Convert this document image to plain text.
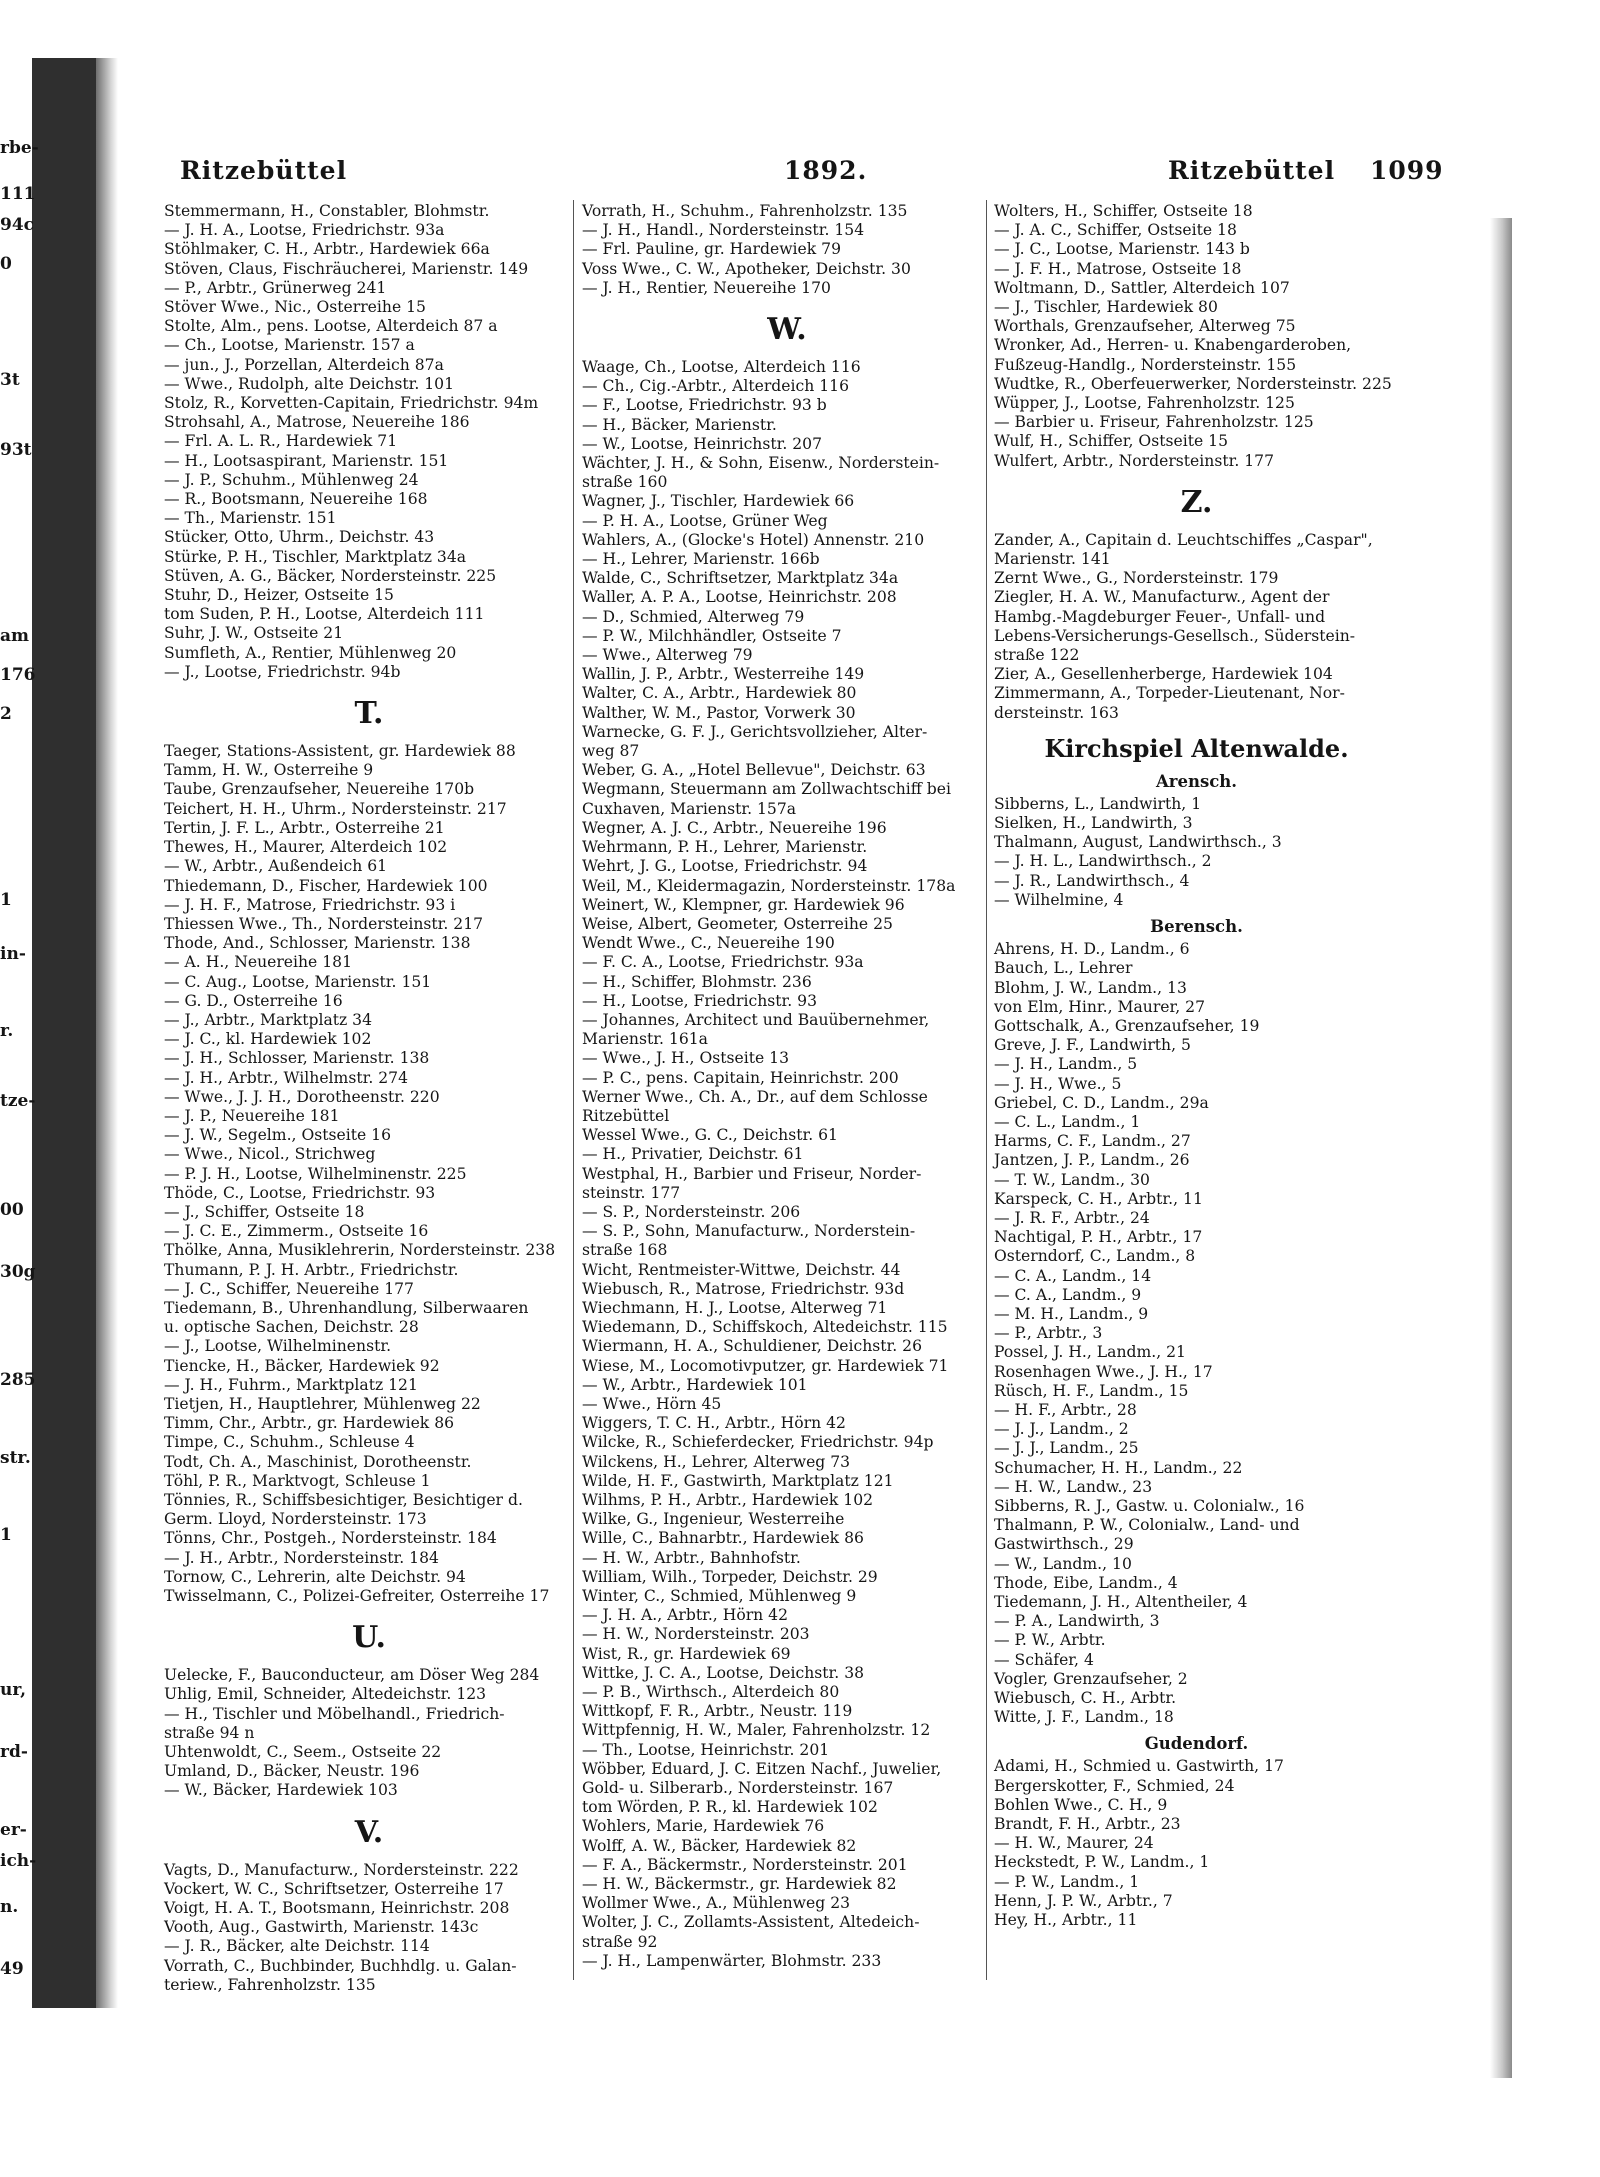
rbe-
111
94c
0
3t
93t
am
176
2
1
in-
r.
tze-
00
30g
285
str.
1
ur,
rd-
er-
ich-
n.
49
Ritzebüttel	1892.	Ritzebüttel 1099
Stemmermann, H., Constabler, Blohmstr.
— J. H. A., Lootse, Friedrichstr. 93a
Stöhlmaker, C. H., Arbtr., Hardewiek 66a
Stöven, Claus, Fischräucherei, Marienstr. 149
— P., Arbtr., Grünerweg 241
Stöver Wwe., Nic., Osterreihe 15
Stolte, Alm., pens. Lootse, Alterdeich 87 a
— Ch., Lootse, Marienstr. 157 a
— jun., J., Porzellan, Alterdeich 87a
— Wwe., Rudolph, alte Deichstr. 101
Stolz, R., Korvetten-Capitain, Friedrichstr. 94m
Strohsahl, A., Matrose, Neuereihe 186
— Frl. A. L. R., Hardewiek 71
— H., Lootsaspirant, Marienstr. 151
— J. P., Schuhm., Mühlenweg 24
— R., Bootsmann, Neuereihe 168
— Th., Marienstr. 151
Stücker, Otto, Uhrm., Deichstr. 43
Stürke, P. H., Tischler, Marktplatz 34a
Stüven, A. G., Bäcker, Nordersteinstr. 225
Stuhr, D., Heizer, Ostseite 15
tom Suden, P. H., Lootse, Alterdeich 111
Suhr, J. W., Ostseite 21
Sumfleth, A., Rentier, Mühlenweg 20
— J., Lootse, Friedrichstr. 94b
T.
Taeger, Stations-Assistent, gr. Hardewiek 88
Tamm, H. W., Osterreihe 9
Taube, Grenzaufseher, Neuereihe 170b
Teichert, H. H., Uhrm., Nordersteinstr. 217
Tertin, J. F. L., Arbtr., Osterreihe 21
Thewes, H., Maurer, Alterdeich 102
— W., Arbtr., Außendeich 61
Thiedemann, D., Fischer, Hardewiek 100
— J. H. F., Matrose, Friedrichstr. 93 i
Thiessen Wwe., Th., Nordersteinstr. 217
Thode, And., Schlosser, Marienstr. 138
— A. H., Neuereihe 181
— C. Aug., Lootse, Marienstr. 151
— G. D., Osterreihe 16
— J., Arbtr., Marktplatz 34
— J. C., kl. Hardewiek 102
— J. H., Schlosser, Marienstr. 138
— J. H., Arbtr., Wilhelmstr. 274
— Wwe., J. J. H., Dorotheenstr. 220
— J. P., Neuereihe 181
— J. W., Segelm., Ostseite 16
— Wwe., Nicol., Strichweg
— P. J. H., Lootse, Wilhelminenstr. 225
Thöde, C., Lootse, Friedrichstr. 93
— J., Schiffer, Ostseite 18
— J. C. E., Zimmerm., Ostseite 16
Thölke, Anna, Musiklehrerin, Nordersteinstr. 238
Thumann, P. J. H. Arbtr., Friedrichstr.
— J. C., Schiffer, Neuereihe 177
Tiedemann, B., Uhrenhandlung, Silberwaaren
u. optische Sachen, Deichstr. 28
— J., Lootse, Wilhelminenstr.
Tiencke, H., Bäcker, Hardewiek 92
— J. H., Fuhrm., Marktplatz 121
Tietjen, H., Hauptlehrer, Mühlenweg 22
Timm, Chr., Arbtr., gr. Hardewiek 86
Timpe, C., Schuhm., Schleuse 4
Todt, Ch. A., Maschinist, Dorotheenstr.
Töhl, P. R., Marktvogt, Schleuse 1
Tönnies, R., Schiffsbesichtiger, Besichtiger d.
Germ. Lloyd, Nordersteinstr. 173
Tönns, Chr., Postgeh., Nordersteinstr. 184
— J. H., Arbtr., Nordersteinstr. 184
Tornow, C., Lehrerin, alte Deichstr. 94
Twisselmann, C., Polizei-Gefreiter, Osterreihe 17
U.
Uelecke, F., Bauconducteur, am Döser Weg 284
Uhlig, Emil, Schneider, Altedeichstr. 123
— H., Tischler und Möbelhandl., Friedrich-
straße 94 n
Uhtenwoldt, C., Seem., Ostseite 22
Umland, D., Bäcker, Neustr. 196
— W., Bäcker, Hardewiek 103
V.
Vagts, D., Manufacturw., Nordersteinstr. 222
Vockert, W. C., Schriftsetzer, Osterreihe 17
Voigt, H. A. T., Bootsmann, Heinrichstr. 208
Vooth, Aug., Gastwirth, Marienstr. 143c
— J. R., Bäcker, alte Deichstr. 114
Vorrath, C., Buchbinder, Buchhdlg. u. Galan-
teriew., Fahrenholzstr. 135
Vorrath, H., Schuhm., Fahrenholzstr. 135
— J. H., Handl., Nordersteinstr. 154
— Frl. Pauline, gr. Hardewiek 79
Voss Wwe., C. W., Apotheker, Deichstr. 30
— J. H., Rentier, Neuereihe 170
W.
Waage, Ch., Lootse, Alterdeich 116
— Ch., Cig.-Arbtr., Alterdeich 116
— F., Lootse, Friedrichstr. 93 b
— H., Bäcker, Marienstr.
— W., Lootse, Heinrichstr. 207
Wächter, J. H., & Sohn, Eisenw., Norderstein-
straße 160
Wagner, J., Tischler, Hardewiek 66
— P. H. A., Lootse, Grüner Weg
Wahlers, A., (Glocke's Hotel) Annenstr. 210
— H., Lehrer, Marienstr. 166b
Walde, C., Schriftsetzer, Marktplatz 34a
Waller, A. P. A., Lootse, Heinrichstr. 208
— D., Schmied, Alterweg 79
— P. W., Milchhändler, Ostseite 7
— Wwe., Alterweg 79
Wallin, J. P., Arbtr., Westerreihe 149
Walter, C. A., Arbtr., Hardewiek 80
Walther, W. M., Pastor, Vorwerk 30
Warnecke, G. F. J., Gerichtsvollzieher, Alter-
weg 87
Weber, G. A., „Hotel Bellevue", Deichstr. 63
Wegmann, Steuermann am Zollwachtschiff bei
Cuxhaven, Marienstr. 157a
Wegner, A. J. C., Arbtr., Neuereihe 196
Wehrmann, P. H., Lehrer, Marienstr.
Wehrt, J. G., Lootse, Friedrichstr. 94
Weil, M., Kleidermagazin, Nordersteinstr. 178a
Weinert, W., Klempner, gr. Hardewiek 96
Weise, Albert, Geometer, Osterreihe 25
Wendt Wwe., C., Neuereihe 190
— F. C. A., Lootse, Friedrichstr. 93a
— H., Schiffer, Blohmstr. 236
— H., Lootse, Friedrichstr. 93
— Johannes, Architect und Bauübernehmer,
Marienstr. 161a
— Wwe., J. H., Ostseite 13
— P. C., pens. Capitain, Heinrichstr. 200
Werner Wwe., Ch. A., Dr., auf dem Schlosse
Ritzebüttel
Wessel Wwe., G. C., Deichstr. 61
— H., Privatier, Deichstr. 61
Westphal, H., Barbier und Friseur, Norder-
steinstr. 177
— S. P., Nordersteinstr. 206
— S. P., Sohn, Manufacturw., Norderstein-
straße 168
Wicht, Rentmeister-Wittwe, Deichstr. 44
Wiebusch, R., Matrose, Friedrichstr. 93d
Wiechmann, H. J., Lootse, Alterweg 71
Wiedemann, D., Schiffskoch, Altedeichstr. 115
Wiermann, H. A., Schuldiener, Deichstr. 26
Wiese, M., Locomotivputzer, gr. Hardewiek 71
— W., Arbtr., Hardewiek 101
— Wwe., Hörn 45
Wiggers, T. C. H., Arbtr., Hörn 42
Wilcke, R., Schieferdecker, Friedrichstr. 94p
Wilckens, H., Lehrer, Alterweg 73
Wilde, H. F., Gastwirth, Marktplatz 121
Wilhms, P. H., Arbtr., Hardewiek 102
Wilke, G., Ingenieur, Westerreihe
Wille, C., Bahnarbtr., Hardewiek 86
— H. W., Arbtr., Bahnhofstr.
William, Wilh., Torpeder, Deichstr. 29
Winter, C., Schmied, Mühlenweg 9
— J. H. A., Arbtr., Hörn 42
— H. W., Nordersteinstr. 203
Wist, R., gr. Hardewiek 69
Wittke, J. C. A., Lootse, Deichstr. 38
— P. B., Wirthsch., Alterdeich 80
Wittkopf, F. R., Arbtr., Neustr. 119
Wittpfennig, H. W., Maler, Fahrenholzstr. 12
— Th., Lootse, Heinrichstr. 201
Wöbber, Eduard, J. C. Eitzen Nachf., Juwelier,
Gold- u. Silberarb., Nordersteinstr. 167
tom Wörden, P. R., kl. Hardewiek 102
Wohlers, Marie, Hardewiek 76
Wolff, A. W., Bäcker, Hardewiek 82
— F. A., Bäckermstr., Nordersteinstr. 201
— H. W., Bäckermstr., gr. Hardewiek 82
Wollmer Wwe., A., Mühlenweg 23
Wolter, J. C., Zollamts-Assistent, Altedeich-
straße 92
— J. H., Lampenwärter, Blohmstr. 233
Wolters, H., Schiffer, Ostseite 18
— J. A. C., Schiffer, Ostseite 18
— J. C., Lootse, Marienstr. 143 b
— J. F. H., Matrose, Ostseite 18
Woltmann, D., Sattler, Alterdeich 107
— J., Tischler, Hardewiek 80
Worthals, Grenzaufseher, Alterweg 75
Wronker, Ad., Herren- u. Knabengarderoben,
Fußzeug-Handlg., Nordersteinstr. 155
Wudtke, R., Oberfeuerwerker, Nordersteinstr. 225
Wüpper, J., Lootse, Fahrenholzstr. 125
— Barbier u. Friseur, Fahrenholzstr. 125
Wulf, H., Schiffer, Ostseite 15
Wulfert, Arbtr., Nordersteinstr. 177
Z.
Zander, A., Capitain d. Leuchtschiffes „Caspar",
Marienstr. 141
Zernt Wwe., G., Nordersteinstr. 179
Ziegler, H. A. W., Manufacturw., Agent der
Hambg.-Magdeburger Feuer-, Unfall- und
Lebens-Versicherungs-Gesellsch., Süderstein-
straße 122
Zier, A., Gesellenherberge, Hardewiek 104
Zimmermann, A., Torpeder-Lieutenant, Nor-
dersteinstr. 163
Kirchspiel Altenwalde.
Arensch.
Sibberns, L., Landwirth, 1
Sielken, H., Landwirth, 3
Thalmann, August, Landwirthsch., 3
— J. H. L., Landwirthsch., 2
— J. R., Landwirthsch., 4
— Wilhelmine, 4
Berensch.
Ahrens, H. D., Landm., 6
Bauch, L., Lehrer
Blohm, J. W., Landm., 13
von Elm, Hinr., Maurer, 27
Gottschalk, A., Grenzaufseher, 19
Greve, J. F., Landwirth, 5
— J. H., Landm., 5
— J. H., Wwe., 5
Griebel, C. D., Landm., 29a
— C. L., Landm., 1
Harms, C. F., Landm., 27
Jantzen, J. P., Landm., 26
— T. W., Landm., 30
Karspeck, C. H., Arbtr., 11
— J. R. F., Arbtr., 24
Nachtigal, P. H., Arbtr., 17
Osterndorf, C., Landm., 8
— C. A., Landm., 14
— C. A., Landm., 9
— M. H., Landm., 9
— P., Arbtr., 3
Possel, J. H., Landm., 21
Rosenhagen Wwe., J. H., 17
Rüsch, H. F., Landm., 15
— H. F., Arbtr., 28
— J. J., Landm., 2
— J. J., Landm., 25
Schumacher, H. H., Landm., 22
— H. W., Landw., 23
Sibberns, R. J., Gastw. u. Colonialw., 16
Thalmann, P. W., Colonialw., Land- und
Gastwirthsch., 29
— W., Landm., 10
Thode, Eibe, Landm., 4
Tiedemann, J. H., Altentheiler, 4
— P. A., Landwirth, 3
— P. W., Arbtr.
— Schäfer, 4
Vogler, Grenzaufseher, 2
Wiebusch, C. H., Arbtr.
Witte, J. F., Landm., 18
Gudendorf.
Adami, H., Schmied u. Gastwirth, 17
Bergerskotter, F., Schmied, 24
Bohlen Wwe., C. H., 9
Brandt, F. H., Arbtr., 23
— H. W., Maurer, 24
Heckstedt, P. W., Landm., 1
— P. W., Landm., 1
Henn, J. P. W., Arbtr., 7
Hey, H., Arbtr., 11
